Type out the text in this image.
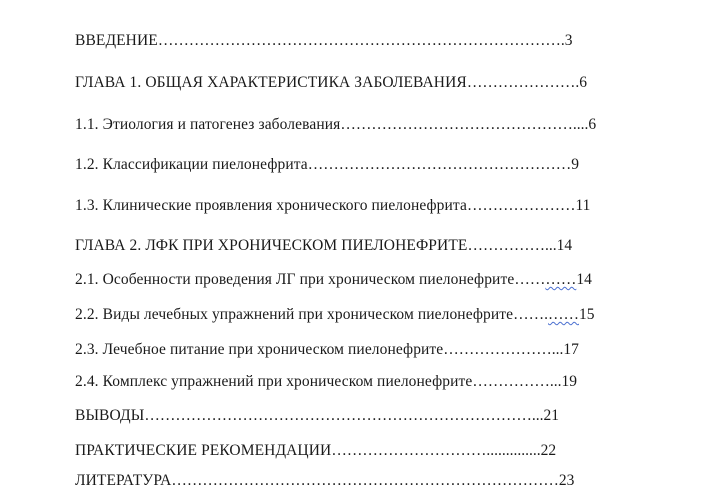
ВВЕДЕНИЕ…………………………………………………………………….3
ГЛАВА 1. ОБЩАЯ ХАРАКТЕРИСТИКА ЗАБОЛЕВАНИЯ………………….6
1.1. Этиология и патогенез заболевания………………………………………....6
1.2. Классификации пиелонефрита……………………………………………9
1.3. Клинические проявления хронического пиелонефрита…………………11
ГЛАВА 2. ЛФК ПРИ ХРОНИЧЕСКОМ ПИЕЛОНЕФРИТЕ……………...14
2.1. Особенности проведения ЛГ при хроническом пиелонефрите…………14
2.2. Виды лечебных упражнений при хроническом пиелонефрите…….……15
2.3. Лечебное питание при хроническом пиелонефрите…………………...17
2.4. Комплекс упражнений при хроническом пиелонефрите……………...19
ВЫВОДЫ…………………………………………………………………...21
ПРАКТИЧЕСКИЕ РЕКОМЕНДАЦИИ…………………………..............22
ЛИТЕРАТУРА…………………………………………………………………23
